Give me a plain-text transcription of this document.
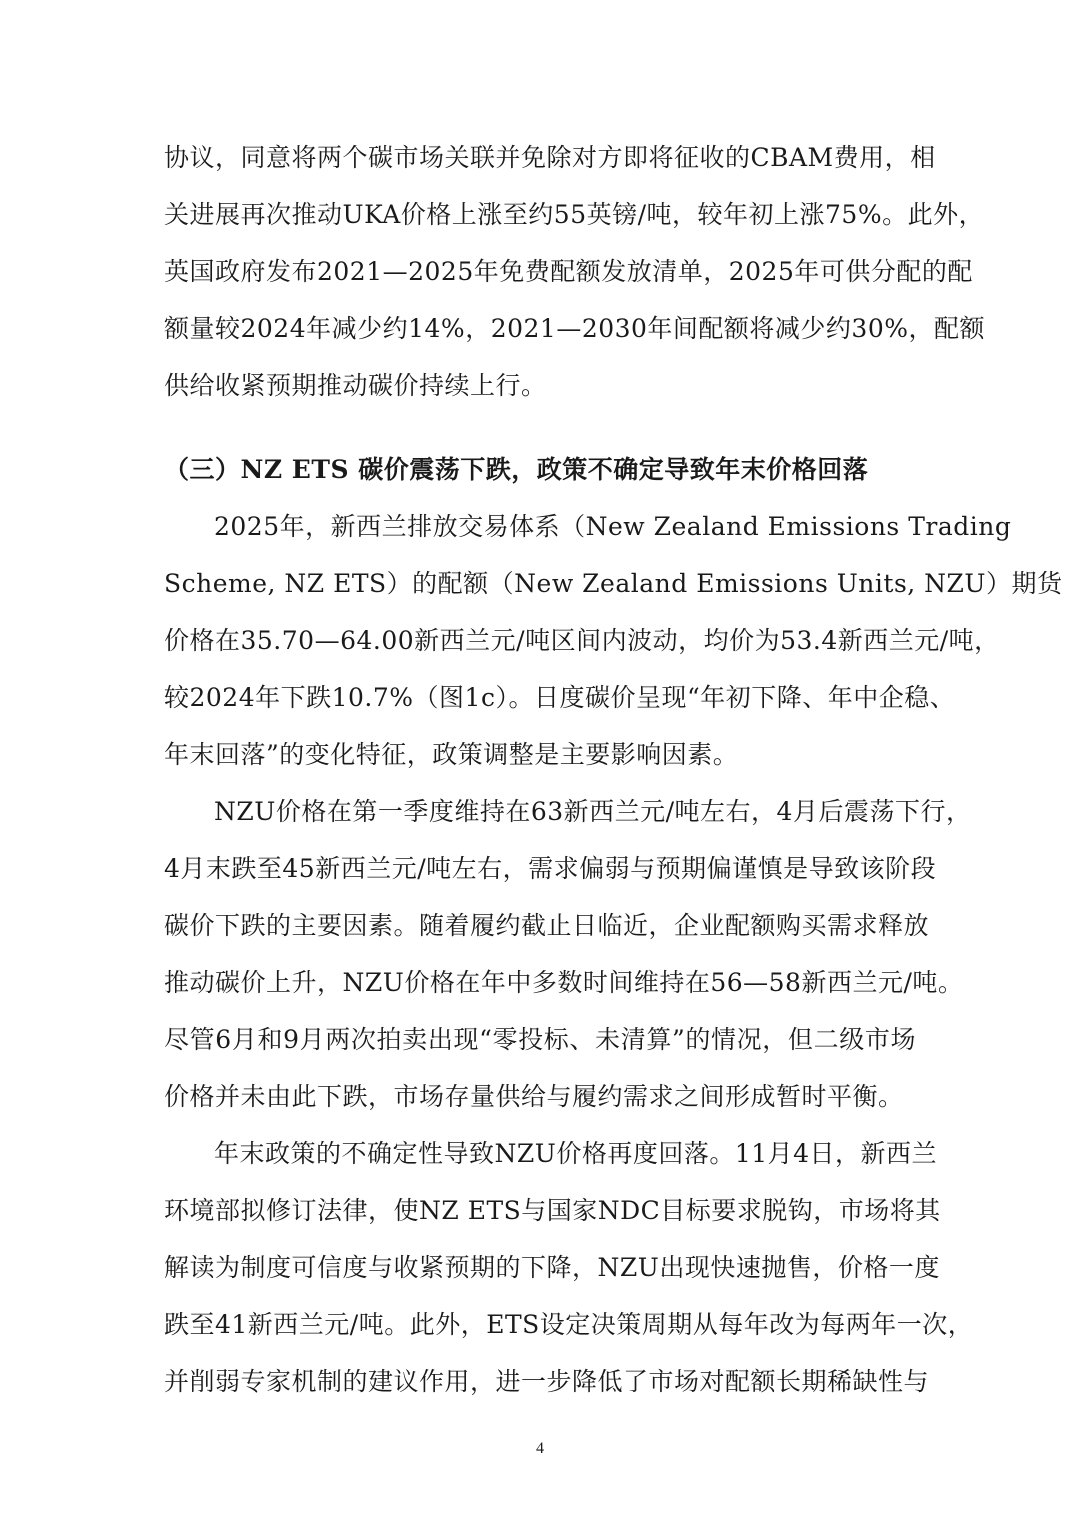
协议，同意将两个碳市场关联并免除对方即将征收的CBAM费用，相
关进展再次推动UKA价格上涨至约55英镑/吨，较年初上涨75%。此外，
英国政府发布2021—2025年免费配额发放清单，2025年可供分配的配
额量较2024年减少约14%，2021—2030年间配额将减少约30%，配额
供给收紧预期推动碳价持续上行。
（三）NZ ETS 碳价震荡下跌，政策不确定导致年末价格回落
2025年，新西兰排放交易体系（New Zealand Emissions Trading
Scheme, NZ ETS）的配额（New Zealand Emissions Units, NZU）期货
价格在35.70—64.00新西兰元/吨区间内波动，均价为53.4新西兰元/吨，
较2024年下跌10.7%（图1c）。日度碳价呈现“年初下降、年中企稳、
年末回落”的变化特征，政策调整是主要影响因素。
NZU价格在第一季度维持在63新西兰元/吨左右，4月后震荡下行，
4月末跌至45新西兰元/吨左右，需求偏弱与预期偏谨慎是导致该阶段
碳价下跌的主要因素。随着履约截止日临近，企业配额购买需求释放
推动碳价上升，NZU价格在年中多数时间维持在56—58新西兰元/吨。
尽管6月和9月两次拍卖出现“零投标、未清算”的情况，但二级市场
价格并未由此下跌，市场存量供给与履约需求之间形成暂时平衡。
年末政策的不确定性导致NZU价格再度回落。11月4日，新西兰
环境部拟修订法律，使NZ ETS与国家NDC目标要求脱钩，市场将其
解读为制度可信度与收紧预期的下降，NZU出现快速抛售，价格一度
跌至41新西兰元/吨。此外，ETS设定决策周期从每年改为每两年一次，
并削弱专家机制的建议作用，进一步降低了市场对配额长期稀缺性与
4
